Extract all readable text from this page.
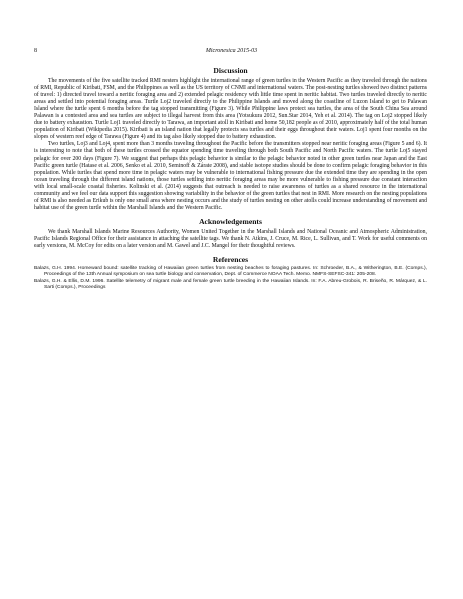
8	Micronesica 2015-03
Discussion

The movements of the five satellite tracked RMI nesters highlight the international range of green turtles in the Western Pacific as they traveled through the nations of RMI, Republic of Kiribati, FSM, and the Philippines as well as the US territory of CNMI and international waters. The post-nesting turtles showed two distinct patterns of travel: 1) directed travel toward a neritic foraging area and 2) extended pelagic residency with little time spent in neritic habitat. Two turtles traveled directly to neritic areas and settled into potential foraging areas. Turtle Loj2 traveled directly to the Philippine Islands and moved along the coastline of Luzon Island to get to Palawan Island where the turtle spent 6 months before the tag stopped transmitting (Figure 3). While Philippine laws protect sea turtles, the area of the South China Sea around Palawan is a contested area and sea turtles are subject to illegal harvest from this area (Yotsukura 2012, Sun.Star 2014, Yeh et al. 2014). The tag on Loj2 stopped likely due to battery exhaustion. Turtle Loj1 traveled directly to Tarawa, an important atoll in Kiribati and home 50,182 people as of 2010, approximately half of the total human population of Kiribati (Wikipedia 2015). Kiribati is an island nation that legally protects sea turtles and their eggs throughout their waters. Loj1 spent four months on the slopes of western reef edge of Tarawa (Figure 4) and its tag also likely stopped due to battery exhaustion.

Two turtles, Loj3 and Loj4, spent more than 3 months traveling throughout the Pacific before the transmitters stopped near neritic foraging areas (Figure 5 and 6). It is interesting to note that both of these turtles crossed the equator spending time traveling through both South Pacific and North Pacific waters. The turtle Loj5 stayed pelagic for over 200 days (Figure 7). We suggest that perhaps this pelagic behavior is similar to the pelagic behavior noted in other green turtles near Japan and the East Pacific green turtle (Hatase et al. 2006, Senko et al. 2010, Seminoff & Zárate 2008), and stable isotope studies should be done to confirm pelagic foraging behavior in this population. While turtles that spend more time in pelagic waters may be vulnerable to international fishing pressure due the extended time they are spending in the open ocean traveling through the different island nations, those turtles settling into neritic foraging areas may be more vulnerable to fishing pressure due constant interaction with local small-scale coastal fisheries. Kolinski et al. (2014) suggests that outreach is needed to raise awareness of turtles as a shared resource in the international community and we feel our data support this suggestion showing variability in the behavior of the green turtles that nest in RMI. More research on the nesting populations of RMI is also needed as Erikub is only one small area where nesting occurs and the study of turtles nesting on other atolls could increase understanding of movement and habitat use of the green turtle within the Marshall Islands and the Western Pacific.

Acknowledgements

We thank Marshall Islands Marine Resources Authority, Women United Together in the Marshall Islands and National Oceanic and Atmospheric Administration, Pacific Islands Regional Office for their assistance in attaching the satellite tags. We thank N. Atkins, J. Cruce, M. Rice, L. Sullivan, and T. Work for useful comments on early versions, M. McCoy for edits on a later version and M. Gawel and J.C. Mangel for their thoughtful reviews.

References

Balazs, G.H. 1994. Homeward bound: satellite tracking of Hawaiian green turtles from nesting beaches to foraging pastures. In: Schroeder, B.A., & Witherington, B.E. (Comps.), Proceedings of the 13th Annual symposium on sea turtle biology and conservation, Dept. of Commerce NOAA Tech. Memo. NMFS-SEFSC-341: 205-208.

Balazs, G.H. & Ellis, D.M. 1996. Satellite telemetry of migrant male and female green turtle breeding in the Hawaiian Islands. In: F.A. Abreu-Grobois, R. Briseño, R. Márquez, & L. Sarti (Comps.), Proceedings
